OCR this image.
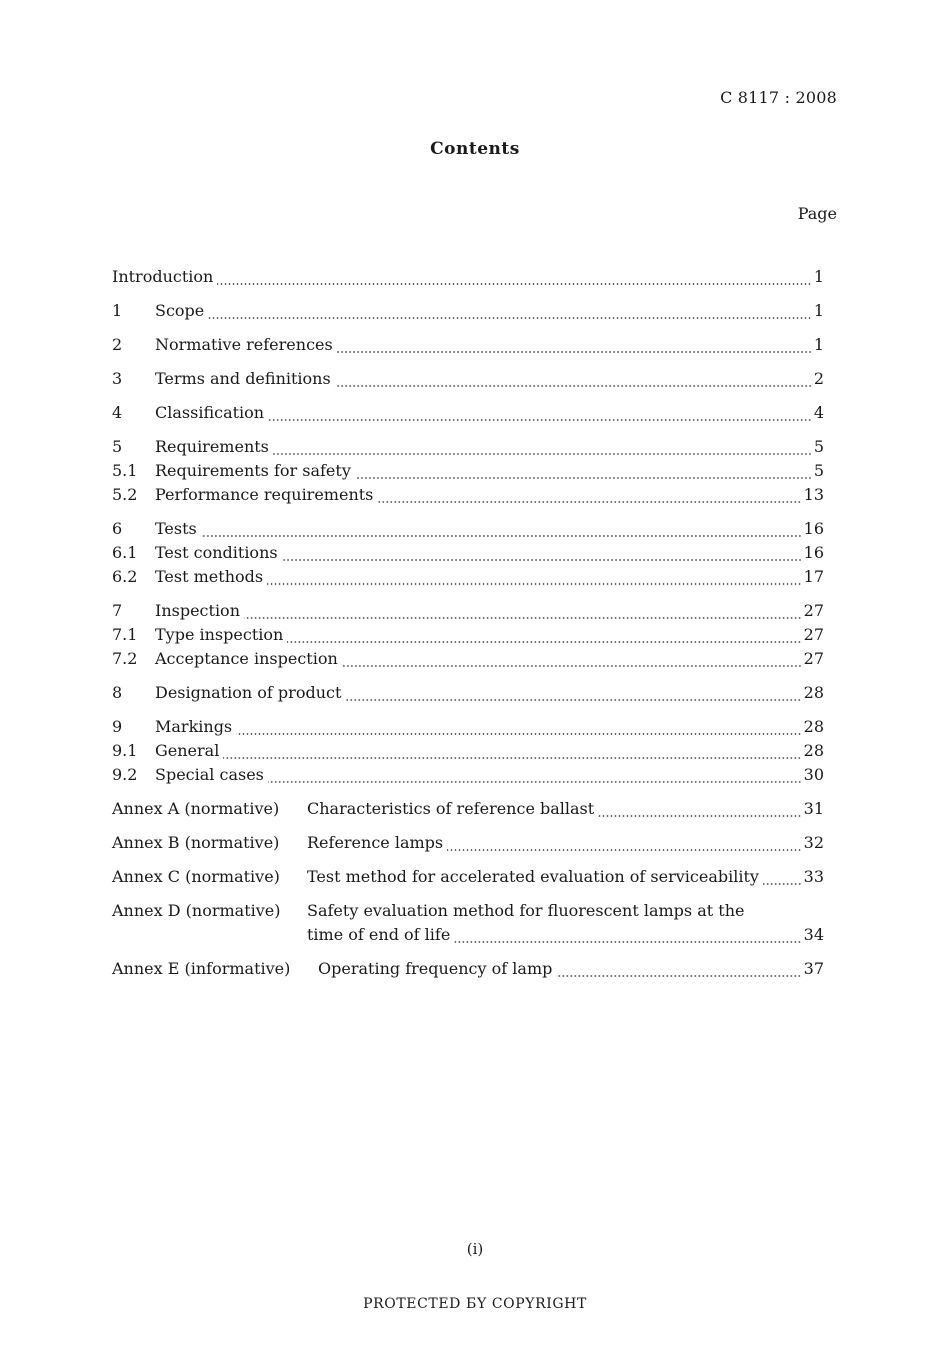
C 8117 : 2008
Contents
Page
Introduction	1
1	Scope	1
2	Normative references	1
3	Terms and definitions	2
4	Classification	4
5	Requirements	5
5.1	Requirements for safety	5
5.2	Performance requirements	13
6	Tests	16
6.1	Test conditions	16
6.2	Test methods	17
7	Inspection	27
7.1	Type inspection	27
7.2	Acceptance inspection	27
8	Designation of product	28
9	Markings	28
9.1	General	28
9.2	Special cases	30
Annex A (normative)	Characteristics of reference ballast	31
Annex B (normative)	Reference lamps	32
Annex C (normative)	Test method for accelerated evaluation of serviceability	33
Annex D (normative)	Safety evaluation method for fluorescent lamps at the
time of end of life	34
Annex E (informative)	Operating frequency of lamp	37
(i)
PROTECTED БY COPYRIGHT
